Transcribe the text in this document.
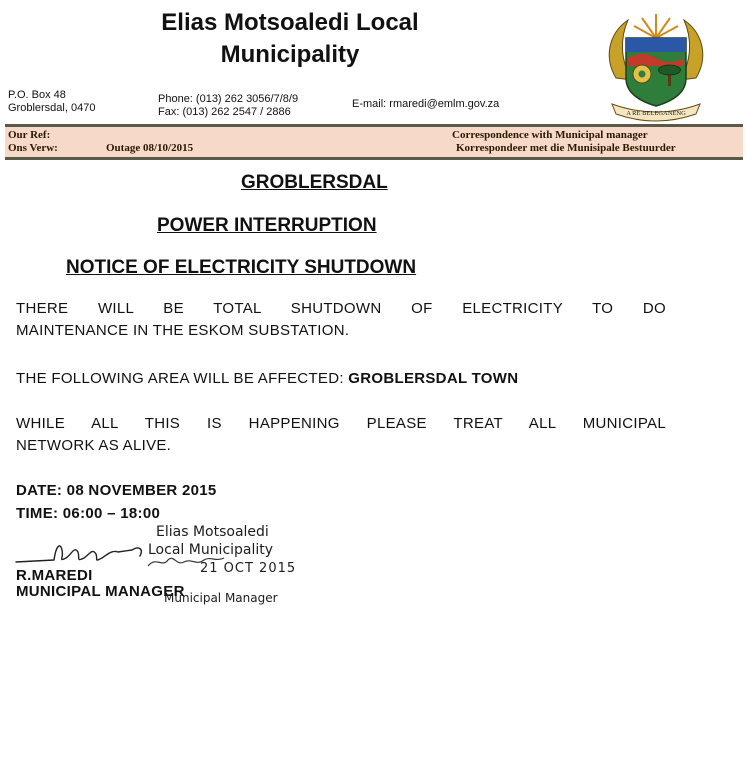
Elias Motsoaledi Local
Municipality
P.O. Box 48
Groblersdal, 0470
Phone: (013) 262 3056/7/8/9
Fax: (013) 262 2547 / 2886
E-mail: rmaredi@emlm.gov.za
A RE BELEGANENG
Our Ref:
Ons Verw:	Outage 08/10/2015
Correspondence with Municipal manager
Korrespondeer met die Munisipale Bestuurder
GROBLERSDAL
POWER INTERRUPTION
NOTICE OF ELECTRICITY SHUTDOWN
THERE WILL BE TOTAL SHUTDOWN OF ELECTRICITY TO DO
MAINTENANCE IN THE ESKOM SUBSTATION.
THE FOLLOWING AREA WILL BE AFFECTED: GROBLERSDAL TOWN
WHILE ALL THIS IS HAPPENING PLEASE TREAT ALL MUNICIPAL
NETWORK AS ALIVE.
DATE: 08 NOVEMBER 2015
TIME: 06:00 – 18:00
Elias Motsoaledi
Local Municipality
21 OCT 2015
Municipal Manager
R.MAREDI
MUNICIPAL MANAGER
